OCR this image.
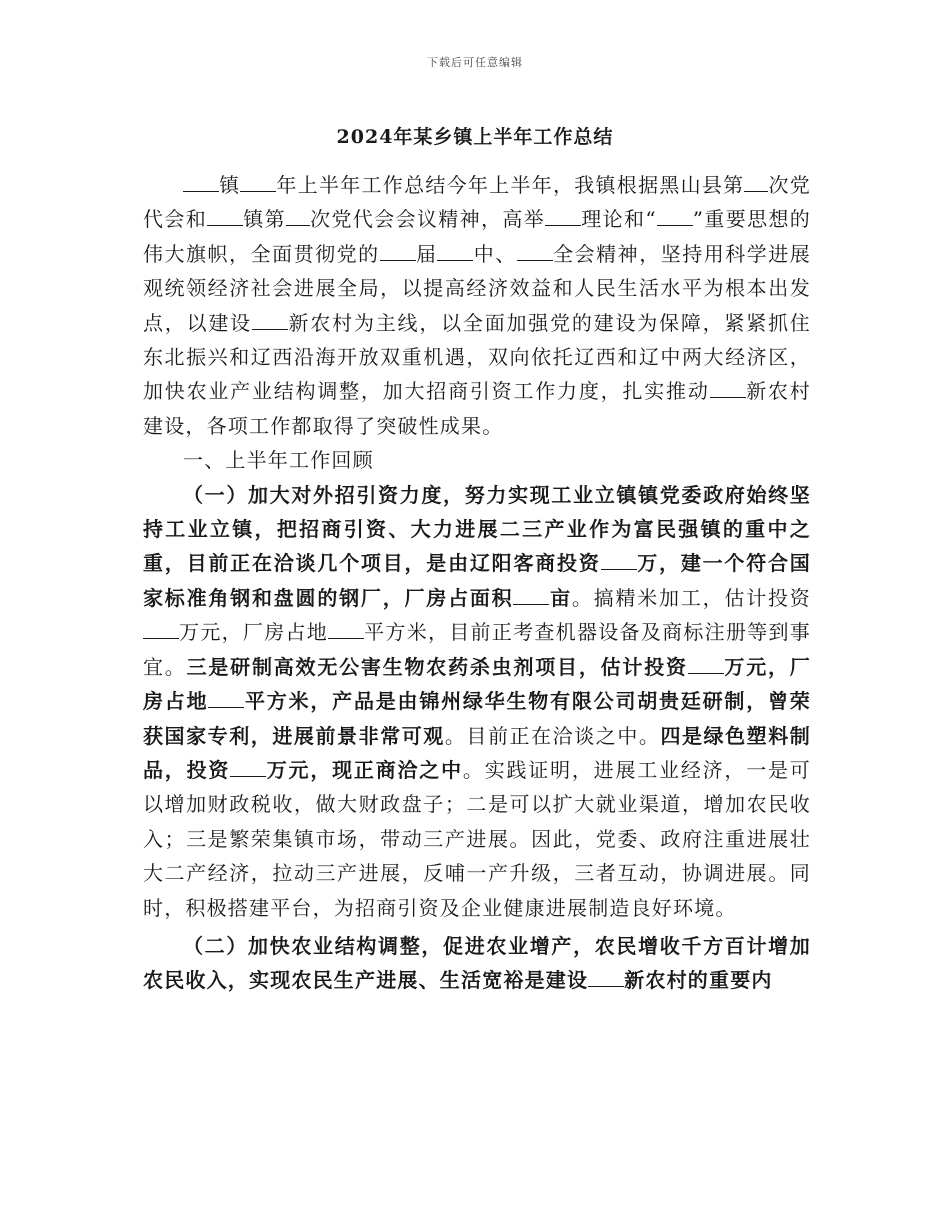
下载后可任意编辑
2024年某乡镇上半年工作总结

镇 年上半年工作总结今年上半年，我镇根据黑山县第 次党代会和 镇第 次党代会会议精神，高举 理论和“ ”重要思想的伟大旗帜，全面贯彻党的 届 中、 全会精神，坚持用科学进展观统领经济社会进展全局，以提高经济效益和人民生活水平为根本出发点，以建设 新农村为主线，以全面加强党的建设为保障，紧紧抓住东北振兴和辽西沿海开放双重机遇，双向依托辽西和辽中两大经济区，加快农业产业结构调整，加大招商引资工作力度，扎实推动 新农村建设，各项工作都取得了突破性成果。

一、上半年工作回顾

（一）加大对外招引资力度，努力实现工业立镇镇党委政府始终坚持工业立镇，把招商引资、大力进展二三产业作为富民强镇的重中之重，目前正在洽谈几个项目，是由辽阳客商投资 万，建一个符合国家标准角钢和盘圆的钢厂，厂房占面积 亩。搞精米加工，估计投资万元，厂房占地 平方米，目前正考查机器设备及商标注册等到事宜。三是研制高效无公害生物农药杀虫剂项目，估计投资 万元，厂房占地 平方米，产品是由锦州绿华生物有限公司胡贵廷研制，曾荣获国家专利，进展前景非常可观。目前正在洽谈之中。四是绿色塑料制品，投资 万元，现正商洽之中。实践证明，进展工业经济，一是可以增加财政税收，做大财政盘子；二是可以扩大就业渠道，增加农民收入；三是繁荣集镇市场，带动三产进展。因此，党委、政府注重进展壮大二产经济，拉动三产进展，反哺一产升级，三者互动，协调进展。同时，积极搭建平台，为招商引资及企业健康进展制造良好环境。

（二）加快农业结构调整，促进农业增产，农民增收千方百计增加农民收入，实现农民生产进展、生活宽裕是建设 新农村的重要内
